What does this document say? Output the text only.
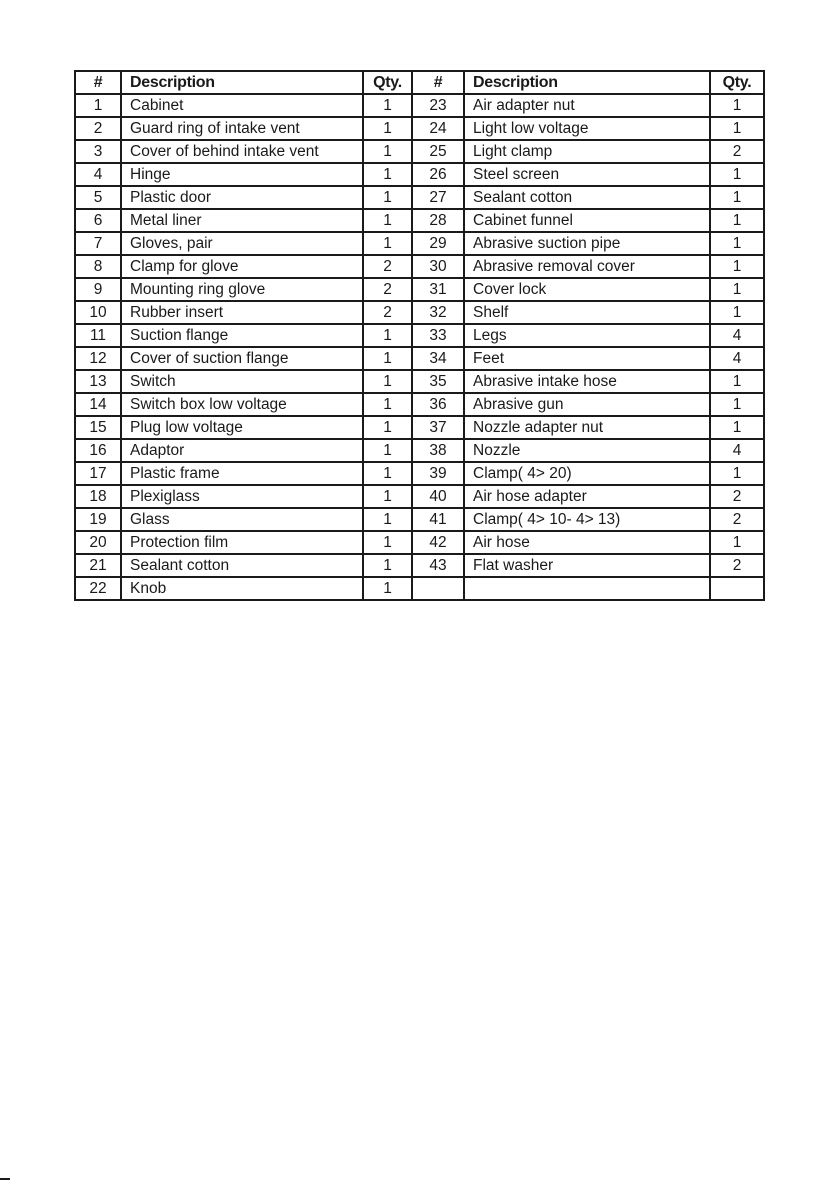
#	Description	Qty.	#	Description	Qty.
1	Cabinet	1	23	Air adapter nut	1
2	Guard ring of intake vent	1	24	Light low voltage	1
3	Cover of behind intake vent	1	25	Light clamp	2
4	Hinge	1	26	Steel screen	1
5	Plastic door	1	27	Sealant cotton	1
6	Metal liner	1	28	Cabinet funnel	1
7	Gloves, pair	1	29	Abrasive suction pipe	1
8	Clamp for glove	2	30	Abrasive removal cover	1
9	Mounting ring glove	2	31	Cover lock	1
10	Rubber insert	2	32	Shelf	1
11	Suction flange	1	33	Legs	4
12	Cover of suction flange	1	34	Feet	4
13	Switch	1	35	Abrasive intake hose	1
14	Switch box low voltage	1	36	Abrasive gun	1
15	Plug low voltage	1	37	Nozzle adapter nut	1
16	Adaptor	1	38	Nozzle	4
17	Plastic frame	1	39	Clamp( 4> 20)	1
18	Plexiglass	1	40	Air hose adapter	2
19	Glass	1	41	Clamp( 4> 10- 4> 13)	2
20	Protection film	1	42	Air hose	1
21	Sealant cotton	1	43	Flat washer	2
22	Knob	1			
